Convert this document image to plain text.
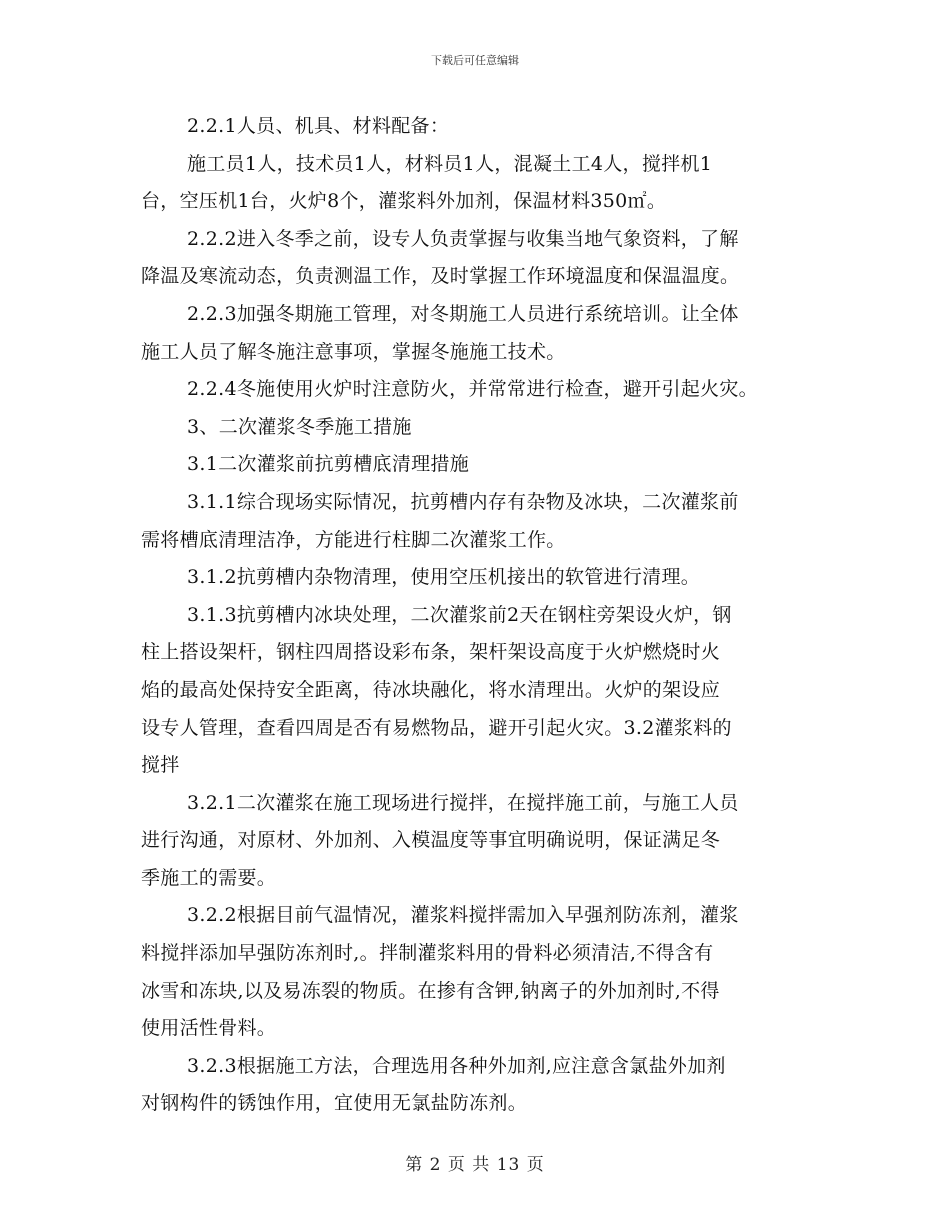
下载后可任意编辑
2.2.1人员、机具、材料配备：
施工员1人，技术员1人，材料员1人，混凝土工4人，搅拌机1
台，空压机1台，火炉8个，灌浆料外加剂，保温材料350㎡。
2.2.2进入冬季之前，设专人负责掌握与收集当地气象资料，了解
降温及寒流动态，负责测温工作，及时掌握工作环境温度和保温温度。
2.2.3加强冬期施工管理，对冬期施工人员进行系统培训。让全体
施工人员了解冬施注意事项，掌握冬施施工技术。
2.2.4冬施使用火炉时注意防火，并常常进行检查，避开引起火灾。
3、二次灌浆冬季施工措施
3.1二次灌浆前抗剪槽底清理措施
3.1.1综合现场实际情况，抗剪槽内存有杂物及冰块，二次灌浆前
需将槽底清理洁净，方能进行柱脚二次灌浆工作。
3.1.2抗剪槽内杂物清理，使用空压机接出的软管进行清理。
3.1.3抗剪槽内冰块处理，二次灌浆前2天在钢柱旁架设火炉，钢
柱上搭设架杆，钢柱四周搭设彩布条，架杆架设高度于火炉燃烧时火
焰的最高处保持安全距离，待冰块融化，将水清理出。火炉的架设应
设专人管理，查看四周是否有易燃物品，避开引起火灾。3.2灌浆料的
搅拌
3.2.1二次灌浆在施工现场进行搅拌，在搅拌施工前，与施工人员
进行沟通，对原材、外加剂、入模温度等事宜明确说明，保证满足冬
季施工的需要。
3.2.2根据目前气温情况，灌浆料搅拌需加入早强剂防冻剂，灌浆
料搅拌添加早强防冻剂时,。拌制灌浆料用的骨料必须清洁,不得含有
冰雪和冻块,以及易冻裂的物质。在掺有含钾,钠离子的外加剂时,不得
使用活性骨料。
3.2.3根据施工方法，合理选用各种外加剂,应注意含氯盐外加剂
对钢构件的锈蚀作用，宜使用无氯盐防冻剂。
第 2 页 共 13 页
